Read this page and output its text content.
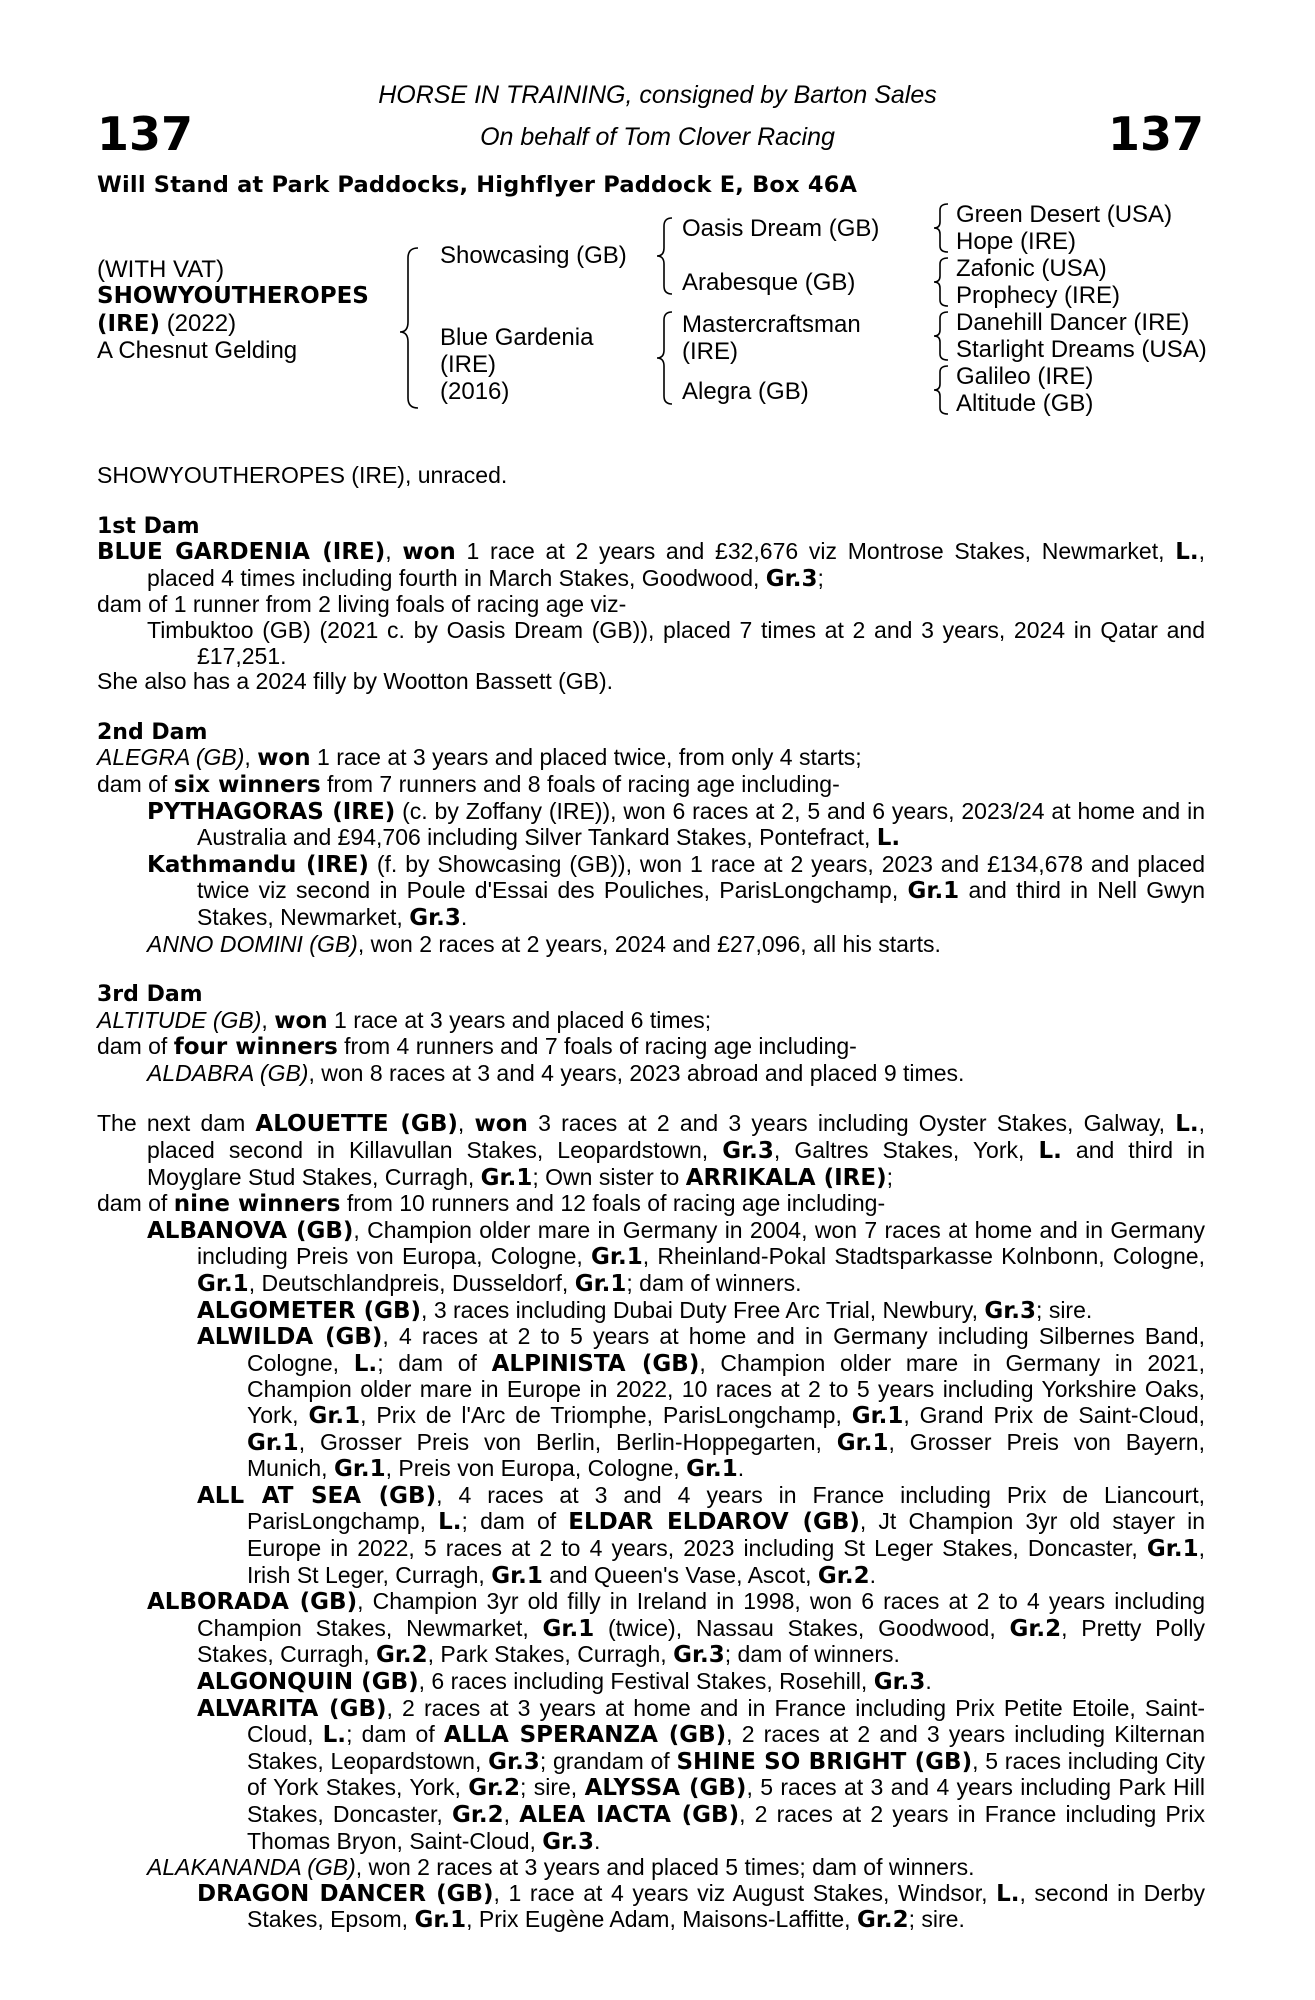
137	137
HORSE IN TRAINING, consigned by Barton Sales
On behalf of Tom Clover Racing
Will Stand at Park Paddocks, Highflyer Paddock E, Box 46A
(WITH VAT)
SHOWYOUTHEROPES
(IRE) (2022)
A Chesnut Gelding
Showcasing (GB)
Blue Gardenia
(IRE)
(2016)
Oasis Dream (GB)
Arabesque (GB)
Mastercraftsman
(IRE)
Alegra (GB)
Green Desert (USA)
Hope (IRE)
Zafonic (USA)
Prophecy (IRE)
Danehill Dancer (IRE)
Starlight Dreams (USA)
Galileo (IRE)
Altitude (GB)

SHOWYOUTHEROPES (IRE), unraced.

1st Dam

BLUE GARDENIA (IRE), won 1 race at 2 years and £32,676 viz Montrose Stakes, Newmarket, L., placed 4 times including fourth in March Stakes, Goodwood, Gr.3;

dam of 1 runner from 2 living foals of racing age viz-

Timbuktoo (GB) (2021 c. by Oasis Dream (GB)), placed 7 times at 2 and 3 years, 2024 in Qatar and £17,251.

She also has a 2024 filly by Wootton Bassett (GB).

2nd Dam

ALEGRA (GB), won 1 race at 3 years and placed twice, from only 4 starts;

dam of six winners from 7 runners and 8 foals of racing age including-

PYTHAGORAS (IRE) (c. by Zoffany (IRE)), won 6 races at 2, 5 and 6 years, 2023/24 at home and in Australia and £94,706 including Silver Tankard Stakes, Pontefract, L.

Kathmandu (IRE) (f. by Showcasing (GB)), won 1 race at 2 years, 2023 and £134,678 and placed twice viz second in Poule d'Essai des Pouliches, ParisLongchamp, Gr.1 and third in Nell Gwyn Stakes, Newmarket, Gr.3.

ANNO DOMINI (GB), won 2 races at 2 years, 2024 and £27,096, all his starts.

3rd Dam

ALTITUDE (GB), won 1 race at 3 years and placed 6 times;

dam of four winners from 4 runners and 7 foals of racing age including-

ALDABRA (GB), won 8 races at 3 and 4 years, 2023 abroad and placed 9 times.

The next dam ALOUETTE (GB), won 3 races at 2 and 3 years including Oyster Stakes, Galway, L., placed second in Killavullan Stakes, Leopardstown, Gr.3, Galtres Stakes, York, L. and third in Moyglare Stud Stakes, Curragh, Gr.1; Own sister to ARRIKALA (IRE);

dam of nine winners from 10 runners and 12 foals of racing age including-

ALBANOVA (GB), Champion older mare in Germany in 2004, won 7 races at home and in Germany including Preis von Europa, Cologne, Gr.1, Rheinland-Pokal Stadtsparkasse Kolnbonn, Cologne, Gr.1, Deutschlandpreis, Dusseldorf, Gr.1; dam of winners.

ALGOMETER (GB), 3 races including Dubai Duty Free Arc Trial, Newbury, Gr.3; sire.

ALWILDA (GB), 4 races at 2 to 5 years at home and in Germany including Silbernes Band, Cologne, L.; dam of ALPINISTA (GB), Champion older mare in Germany in 2021, Champion older mare in Europe in 2022, 10 races at 2 to 5 years including Yorkshire Oaks, York, Gr.1, Prix de l'Arc de Triomphe, ParisLongchamp, Gr.1, Grand Prix de Saint-Cloud, Gr.1, Grosser Preis von Berlin, Berlin-Hoppegarten, Gr.1, Grosser Preis von Bayern, Munich, Gr.1, Preis von Europa, Cologne, Gr.1.

ALL AT SEA (GB), 4 races at 3 and 4 years in France including Prix de Liancourt, ParisLongchamp, L.; dam of ELDAR ELDAROV (GB), Jt Champion 3yr old stayer in Europe in 2022, 5 races at 2 to 4 years, 2023 including St Leger Stakes, Doncaster, Gr.1, Irish St Leger, Curragh, Gr.1 and Queen's Vase, Ascot, Gr.2.

ALBORADA (GB), Champion 3yr old filly in Ireland in 1998, won 6 races at 2 to 4 years including Champion Stakes, Newmarket, Gr.1 (twice), Nassau Stakes, Goodwood, Gr.2, Pretty Polly Stakes, Curragh, Gr.2, Park Stakes, Curragh, Gr.3; dam of winners.

ALGONQUIN (GB), 6 races including Festival Stakes, Rosehill, Gr.3.

ALVARITA (GB), 2 races at 3 years at home and in France including Prix Petite Etoile, Saint-Cloud, L.; dam of ALLA SPERANZA (GB), 2 races at 2 and 3 years including Kilternan Stakes, Leopardstown, Gr.3; grandam of SHINE SO BRIGHT (GB), 5 races including City of York Stakes, York, Gr.2; sire, ALYSSA (GB), 5 races at 3 and 4 years including Park Hill Stakes, Doncaster, Gr.2, ALEA IACTA (GB), 2 races at 2 years in France including Prix Thomas Bryon, Saint-Cloud, Gr.3.

ALAKANANDA (GB), won 2 races at 3 years and placed 5 times; dam of winners.

DRAGON DANCER (GB), 1 race at 4 years viz August Stakes, Windsor, L., second in Derby Stakes, Epsom, Gr.1, Prix Eugène Adam, Maisons-Laffitte, Gr.2; sire.
